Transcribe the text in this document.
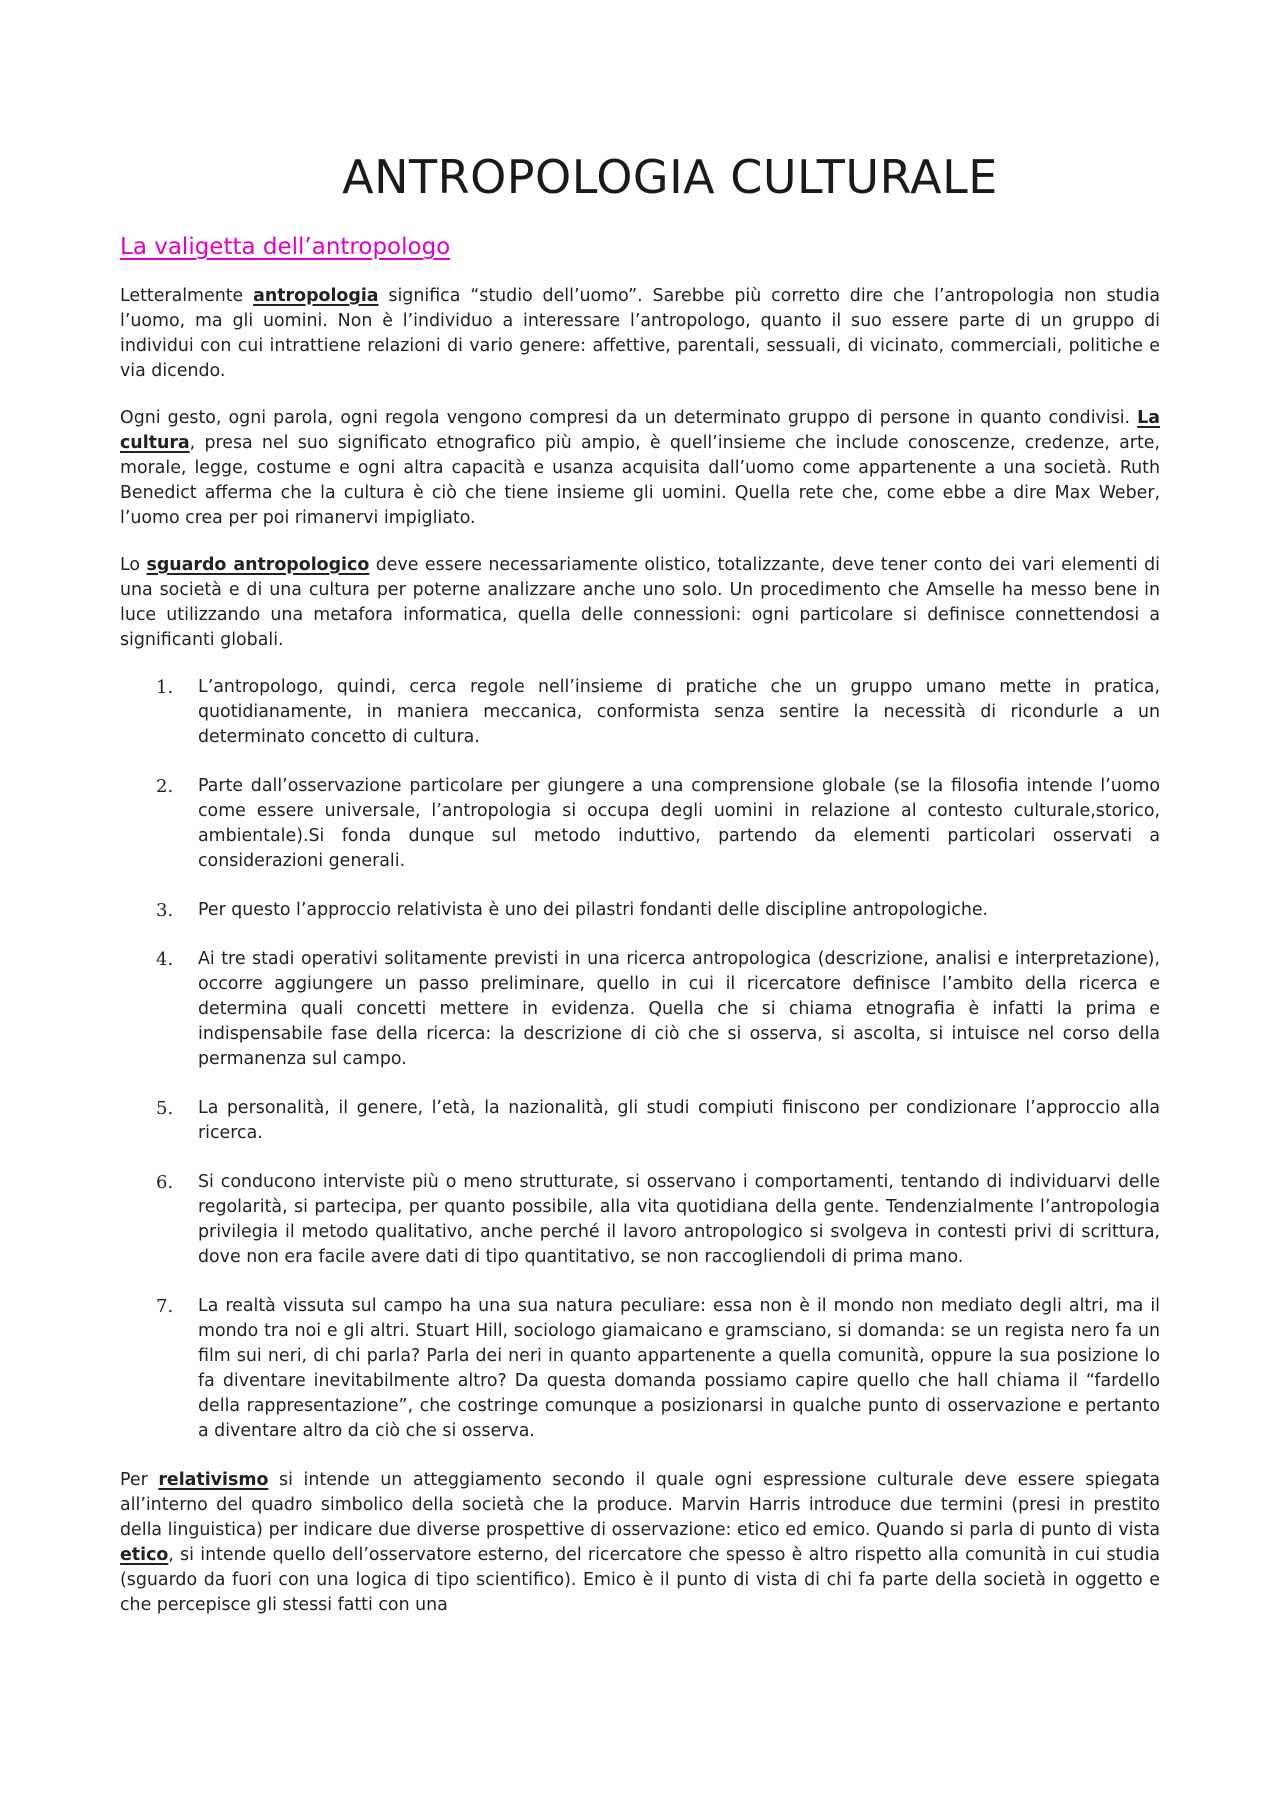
ANTROPOLOGIA CULTURALE
La valigetta dell’antropologo

Letteralmente antropologia significa “studio dell’uomo”. Sarebbe più corretto dire che l’antropologia non studia l’uomo, ma gli uomini. Non è l’individuo a interessare l’antropologo, quanto il suo essere parte di un gruppo di individui con cui intrattiene relazioni di vario genere: affettive, parentali, sessuali, di vicinato, commerciali, politiche e via dicendo.

Ogni gesto, ogni parola, ogni regola vengono compresi da un determinato gruppo di persone in quanto condivisi. La cultura, presa nel suo significato etnografico più ampio, è quell’insieme che include conoscenze, credenze, arte, morale, legge, costume e ogni altra capacità e usanza acquisita dall’uomo come appartenente a una società. Ruth Benedict afferma che la cultura è ciò che tiene insieme gli uomini. Quella rete che, come ebbe a dire Max Weber, l’uomo crea per poi rimanervi impigliato.

Lo sguardo antropologico deve essere necessariamente olistico, totalizzante, deve tener conto dei vari elementi di una società e di una cultura per poterne analizzare anche uno solo. Un procedimento che Amselle ha messo bene in luce utilizzando una metafora informatica, quella delle connessioni: ogni particolare si definisce connettendosi a significanti globali.

1. L’antropologo, quindi, cerca regole nell’insieme di pratiche che un gruppo umano mette in pratica, quotidianamente, in maniera meccanica, conformista senza sentire la necessità di ricondurle a un determinato concetto di cultura.
2. Parte dall’osservazione particolare per giungere a una comprensione globale (se la filosofia intende l’uomo come essere universale, l’antropologia si occupa degli uomini in relazione al contesto culturale,storico, ambientale).Si fonda dunque sul metodo induttivo, partendo da elementi particolari osservati a considerazioni generali.
3. Per questo l’approccio relativista è uno dei pilastri fondanti delle discipline antropologiche.
4. Ai tre stadi operativi solitamente previsti in una ricerca antropologica (descrizione, analisi e interpretazione), occorre aggiungere un passo preliminare, quello in cui il ricercatore definisce l’ambito della ricerca e determina quali concetti mettere in evidenza. Quella che si chiama etnografia è infatti la prima e indispensabile fase della ricerca: la descrizione di ciò che si osserva, si ascolta, si intuisce nel corso della permanenza sul campo.
5. La personalità, il genere, l’età, la nazionalità, gli studi compiuti finiscono per condizionare l’approccio alla ricerca.
6. Si conducono interviste più o meno strutturate, si osservano i comportamenti, tentando di individuarvi delle regolarità, si partecipa, per quanto possibile, alla vita quotidiana della gente. Tendenzialmente l’antropologia privilegia il metodo qualitativo, anche perché il lavoro antropologico si svolgeva in contesti privi di scrittura, dove non era facile avere dati di tipo quantitativo, se non raccogliendoli di prima mano.
7. La realtà vissuta sul campo ha una sua natura peculiare: essa non è il mondo non mediato degli altri, ma il mondo tra noi e gli altri. Stuart Hill, sociologo giamaicano e gramsciano, si domanda: se un regista nero fa un film sui neri, di chi parla? Parla dei neri in quanto appartenente a quella comunità, oppure la sua posizione lo fa diventare inevitabilmente altro? Da questa domanda possiamo capire quello che hall chiama il “fardello della rappresentazione”, che costringe comunque a posizionarsi in qualche punto di osservazione e pertanto a diventare altro da ciò che si osserva.

Per relativismo si intende un atteggiamento secondo il quale ogni espressione culturale deve essere spiegata all’interno del quadro simbolico della società che la produce. Marvin Harris introduce due termini (presi in prestito della linguistica) per indicare due diverse prospettive di osservazione: etico ed emico. Quando si parla di punto di vista etico, si intende quello dell’osservatore esterno, del ricercatore che spesso è altro rispetto alla comunità in cui studia (sguardo da fuori con una logica di tipo scientifico). Emico è il punto di vista di chi fa parte della società in oggetto e che percepisce gli stessi fatti con una
